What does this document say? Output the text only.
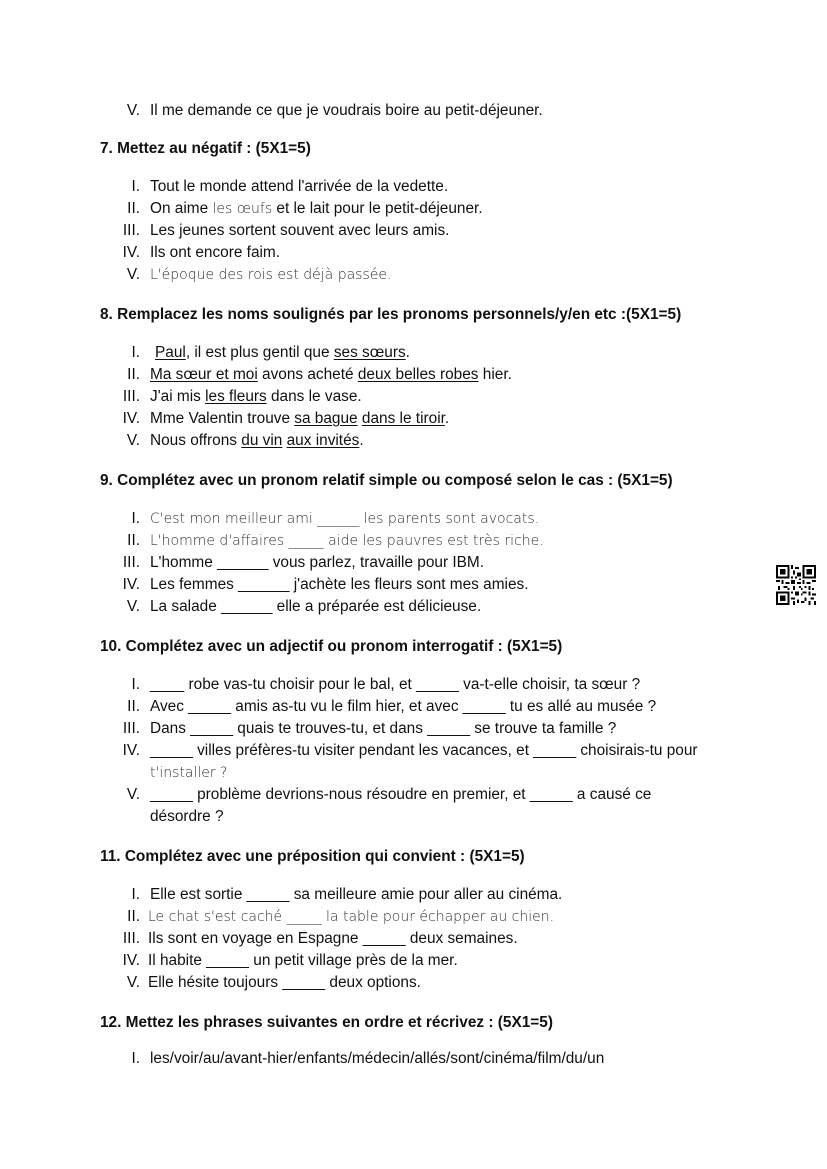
V. Il me demande ce que je voudrais boire au petit-déjeuner.
7. Mettez au négatif : (5X1=5)
I. Tout le monde attend l'arrivée de la vedette.
II. On aime les œufs et le lait pour le petit-déjeuner.
III. Les jeunes sortent souvent avec leurs amis.
IV. Ils ont encore faim.
V. L'époque des rois est déjà passée.
8. Remplacez les noms soulignés par les pronoms personnels/y/en etc :(5X1=5)
I. Paul, il est plus gentil que ses sœurs.
II. Ma sœur et moi avons acheté deux belles robes hier.
III. J'ai mis les fleurs dans le vase.
IV. Mme Valentin trouve sa bague dans le tiroir.
V. Nous offrons du vin aux invités.
9. Complétez avec un pronom relatif simple ou composé selon le cas : (5X1=5)
I. C'est mon meilleur ami ______ les parents sont avocats.
II. L'homme d'affaires _____ aide les pauvres est très riche.
III. L'homme ______ vous parlez, travaille pour IBM.
IV. Les femmes ______ j'achète les fleurs sont mes amies.
V. La salade ______ elle a préparée est délicieuse.
10. Complétez avec un adjectif ou pronom interrogatif : (5X1=5)
I. ____ robe vas-tu choisir pour le bal, et _____ va-t-elle choisir, ta sœur ?
II. Avec _____ amis as-tu vu le film hier, et avec _____ tu es allé au musée ?
III. Dans _____ quais te trouves-tu, et dans _____ se trouve ta famille ?
IV. _____ villes préfères-tu visiter pendant les vacances, et _____ choisirais-tu pour
t'installer ?
V. _____ problème devrions-nous résoudre en premier, et _____ a causé ce
désordre ?
11. Complétez avec une préposition qui convient : (5X1=5)
I. Elle est sortie _____ sa meilleure amie pour aller au cinéma.
II. Le chat s'est caché _____ la table pour échapper au chien.
III. Ils sont en voyage en Espagne _____ deux semaines.
IV. Il habite _____ un petit village près de la mer.
V. Elle hésite toujours _____ deux options.
12. Mettez les phrases suivantes en ordre et récrivez : (5X1=5)
I. les/voir/au/avant-hier/enfants/médecin/allés/sont/cinéma/film/du/un
